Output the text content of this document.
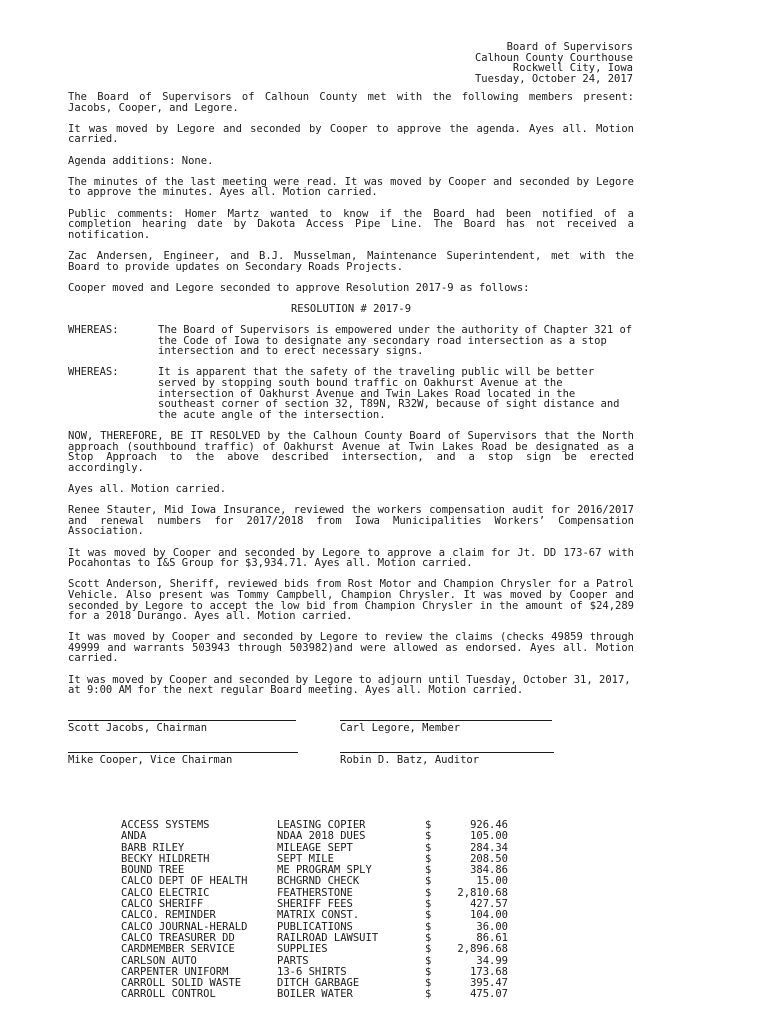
Board of Supervisors
Calhoun County Courthouse
Rockwell City, Iowa
Tuesday, October 24, 2017

The Board of Supervisors of Calhoun County met with the following members present: Jacobs, Cooper, and Legore.

It was moved by Legore and seconded by Cooper to approve the agenda. Ayes all. Motion carried.

Agenda additions: None.

The minutes of the last meeting were read. It was moved by Cooper and seconded by Legore to approve the minutes. Ayes all. Motion carried.

Public comments: Homer Martz wanted to know if the Board had been notified of a completion hearing date by Dakota Access Pipe Line. The Board has not received a notification.

Zac Andersen, Engineer, and B.J. Musselman, Maintenance Superintendent, met with the Board to provide updates on Secondary Roads Projects.

Cooper moved and Legore seconded to approve Resolution 2017-9 as follows:

RESOLUTION # 2017-9
WHEREAS:	The Board of Supervisors is empowered under the authority of Chapter 321 of the Code of Iowa to designate any secondary road intersection as a stop intersection and to erect necessary signs.
WHEREAS:	It is apparent that the safety of the traveling public will be better served by stopping south bound traffic on Oakhurst Avenue at the intersection of Oakhurst Avenue and Twin Lakes Road located in the southeast corner of section 32, T89N, R32W, because of sight distance and the acute angle of the intersection.

NOW, THEREFORE, BE IT RESOLVED by the Calhoun County Board of Supervisors that the North approach (southbound traffic) of Oakhurst Avenue at Twin Lakes Road be designated as a Stop Approach to the above described intersection, and a stop sign be erected accordingly.

Ayes all. Motion carried.

Renee Stauter, Mid Iowa Insurance, reviewed the workers compensation audit for 2016/2017 and renewal numbers for 2017/2018 from Iowa Municipalities Workers’ Compensation Association.

It was moved by Cooper and seconded by Legore to approve a claim for Jt. DD 173-67 with Pocahontas to I&S Group for $3,934.71. Ayes all. Motion carried.

Scott Anderson, Sheriff, reviewed bids from Rost Motor and Champion Chrysler for a Patrol Vehicle. Also present was Tommy Campbell, Champion Chrysler. It was moved by Cooper and seconded by Legore to accept the low bid from Champion Chrysler in the amount of $24,289 for a 2018 Durango. Ayes all. Motion carried.

It was moved by Cooper and seconded by Legore to review the claims (checks 49859 through 49999 and warrants 503943 through 503982)and were allowed as endorsed. Ayes all. Motion carried.

It was moved by Cooper and seconded by Legore to adjourn until Tuesday, October 31, 2017, at 9:00 AM for the next regular Board meeting. Ayes all. Motion carried.

Scott Jacobs, Chairman	Carl Legore, Member
Mike Cooper, Vice Chairman	Robin D. Batz, Auditor
ACCESS SYSTEMS	LEASING COPIER	$	926.46
ANDA	NDAA 2018 DUES	$	105.00
BARB RILEY	MILEAGE SEPT	$	284.34
BECKY HILDRETH	SEPT MILE	$	208.50
BOUND TREE	ME PROGRAM SPLY	$	384.86
CALCO DEPT OF HEALTH	BCHGRND CHECK	$	15.00
CALCO ELECTRIC	FEATHERSTONE	$	2,810.68
CALCO SHERIFF	SHERIFF FEES	$	427.57
CALCO. REMINDER	MATRIX CONST.	$	104.00
CALCO JOURNAL-HERALD	PUBLICATIONS	$	36.00
CALCO TREASURER DD	RAILROAD LAWSUIT	$	86.61
CARDMEMBER SERVICE	SUPPLIES	$	2,896.68
CARLSON AUTO	PARTS	$	34.99
CARPENTER UNIFORM	13-6 SHIRTS	$	173.68
CARROLL SOLID WASTE	DITCH GARBAGE	$	395.47
CARROLL CONTROL	BOILER WATER	$	475.07
